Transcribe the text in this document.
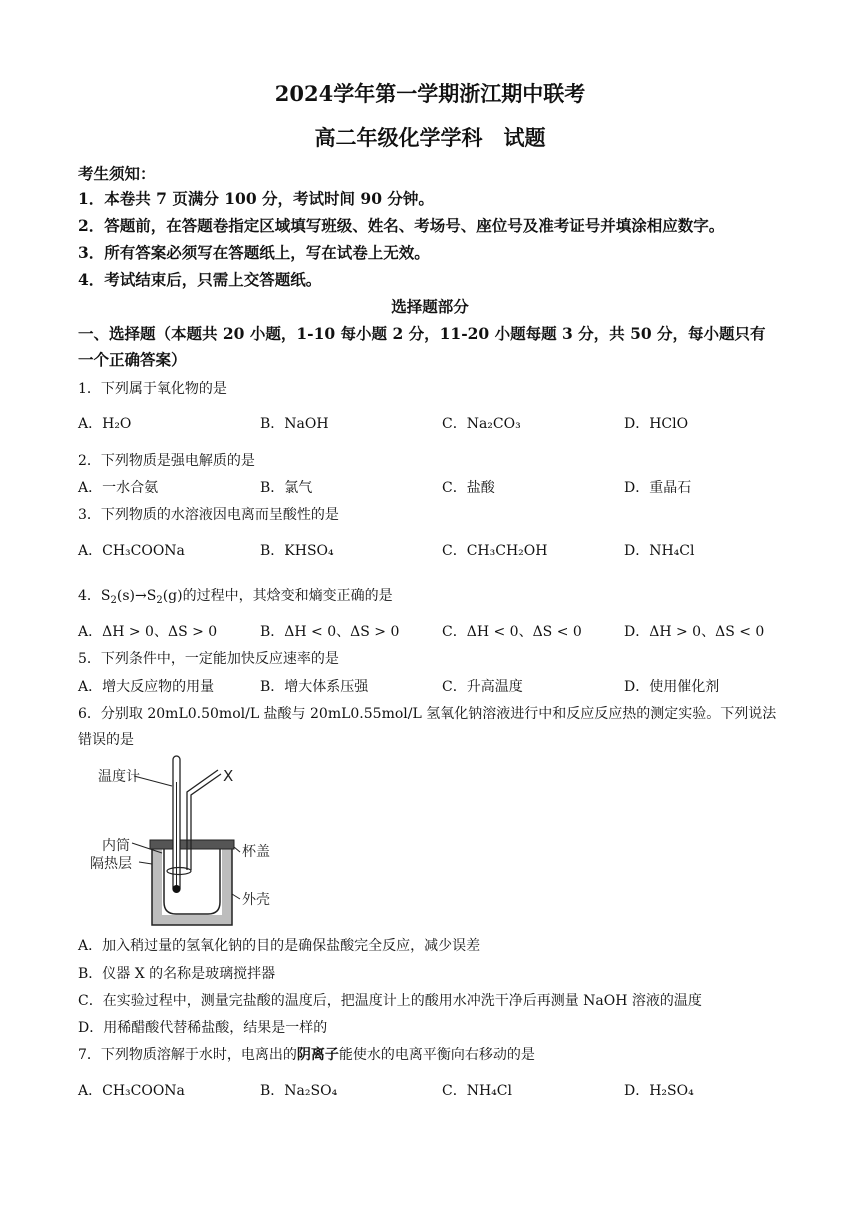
2024学年第一学期浙江期中联考
高二年级化学学科　试题
考生须知：
1．本卷共 7 页满分 100 分，考试时间 90 分钟。
2．答题前，在答题卷指定区域填写班级、姓名、考场号、座位号及准考证号并填涂相应数字。
3．所有答案必须写在答题纸上，写在试卷上无效。
4．考试结束后，只需上交答题纸。
选择题部分
一、选择题（本题共 20 小题，1-10 每小题 2 分，11-20 小题每题 3 分，共 50 分，每小题只有
一个正确答案）
1．下列属于氧化物的是
A．H₂O	B．NaOH	C．Na₂CO₃	D．HClO
2．下列物质是强电解质的是
A．一水合氨	B．氯气	C．盐酸	D．重晶石
3．下列物质的水溶液因电离而呈酸性的是
A．CH₃COONa	B．KHSO₄	C．CH₃CH₂OH	D．NH₄Cl
4．$S_2(s)\to S_2(g)$的过程中，其焓变和熵变正确的是
A．ΔH > 0、ΔS > 0	B．ΔH < 0、ΔS > 0	C．ΔH < 0、ΔS < 0	D．ΔH > 0、ΔS < 0
5．下列条件中，一定能加快反应速率的是
A．增大反应物的用量	B．增大体系压强	C．升高温度	D．使用催化剂
6．分别取 20mL0.50mol/L 盐酸与 20mL0.55mol/L 氢氧化钠溶液进行中和反应反应热的测定实验。下列说法
错误的是
温度计	X
内筒
隔热层
杯盖
外壳
A．加入稍过量的氢氧化钠的目的是确保盐酸完全反应，减少误差
B．仪器 X 的名称是玻璃搅拌器
C．在实验过程中，测量完盐酸的温度后，把温度计上的酸用水冲洗干净后再测量 NaOH 溶液的温度
D．用稀醋酸代替稀盐酸，结果是一样的
7．下列物质溶解于水时，电离出的阴离子能使水的电离平衡向右移动的是
A．CH₃COONa	B．Na₂SO₄	C．NH₄Cl	D．H₂SO₄
